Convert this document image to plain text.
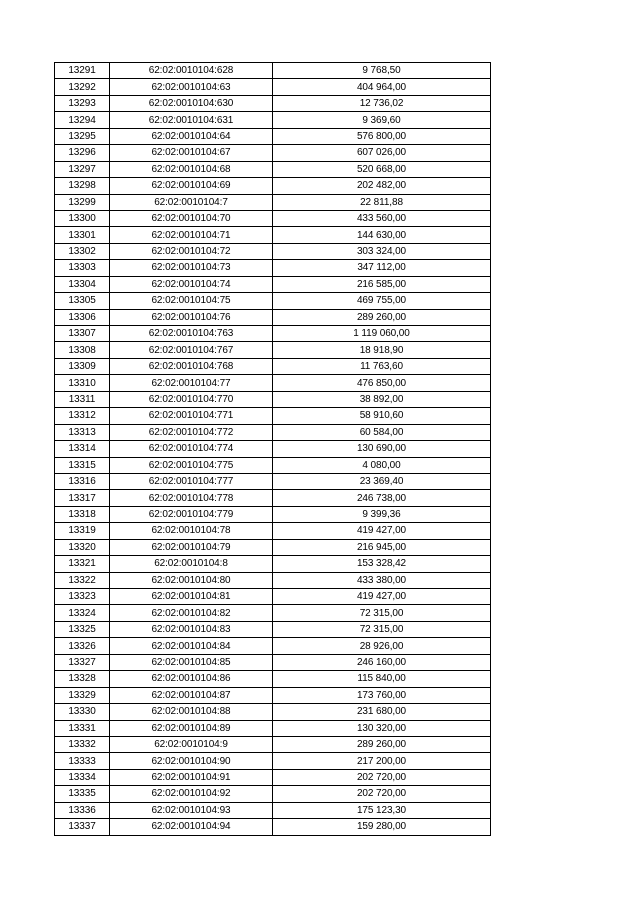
13291	62:02:0010104:628	9 768,50
13292	62:02:0010104:63	404 964,00
13293	62:02:0010104:630	12 736,02
13294	62:02:0010104:631	9 369,60
13295	62:02:0010104:64	576 800,00
13296	62:02:0010104:67	607 026,00
13297	62:02:0010104:68	520 668,00
13298	62:02:0010104:69	202 482,00
13299	62:02:0010104:7	22 811,88
13300	62:02:0010104:70	433 560,00
13301	62:02:0010104:71	144 630,00
13302	62:02:0010104:72	303 324,00
13303	62:02:0010104:73	347 112,00
13304	62:02:0010104:74	216 585,00
13305	62:02:0010104:75	469 755,00
13306	62:02:0010104:76	289 260,00
13307	62:02:0010104:763	1 119 060,00
13308	62:02:0010104:767	18 918,90
13309	62:02:0010104:768	11 763,60
13310	62:02:0010104:77	476 850,00
13311	62:02:0010104:770	38 892,00
13312	62:02:0010104:771	58 910,60
13313	62:02:0010104:772	60 584,00
13314	62:02:0010104:774	130 690,00
13315	62:02:0010104:775	4 080,00
13316	62:02:0010104:777	23 369,40
13317	62:02:0010104:778	246 738,00
13318	62:02:0010104:779	9 399,36
13319	62:02:0010104:78	419 427,00
13320	62:02:0010104:79	216 945,00
13321	62:02:0010104:8	153 328,42
13322	62:02:0010104:80	433 380,00
13323	62:02:0010104:81	419 427,00
13324	62:02:0010104:82	72 315,00
13325	62:02:0010104:83	72 315,00
13326	62:02:0010104:84	28 926,00
13327	62:02:0010104:85	246 160,00
13328	62:02:0010104:86	115 840,00
13329	62:02:0010104:87	173 760,00
13330	62:02:0010104:88	231 680,00
13331	62:02:0010104:89	130 320,00
13332	62:02:0010104:9	289 260,00
13333	62:02:0010104:90	217 200,00
13334	62:02:0010104:91	202 720,00
13335	62:02:0010104:92	202 720,00
13336	62:02:0010104:93	175 123,30
13337	62:02:0010104:94	159 280,00
